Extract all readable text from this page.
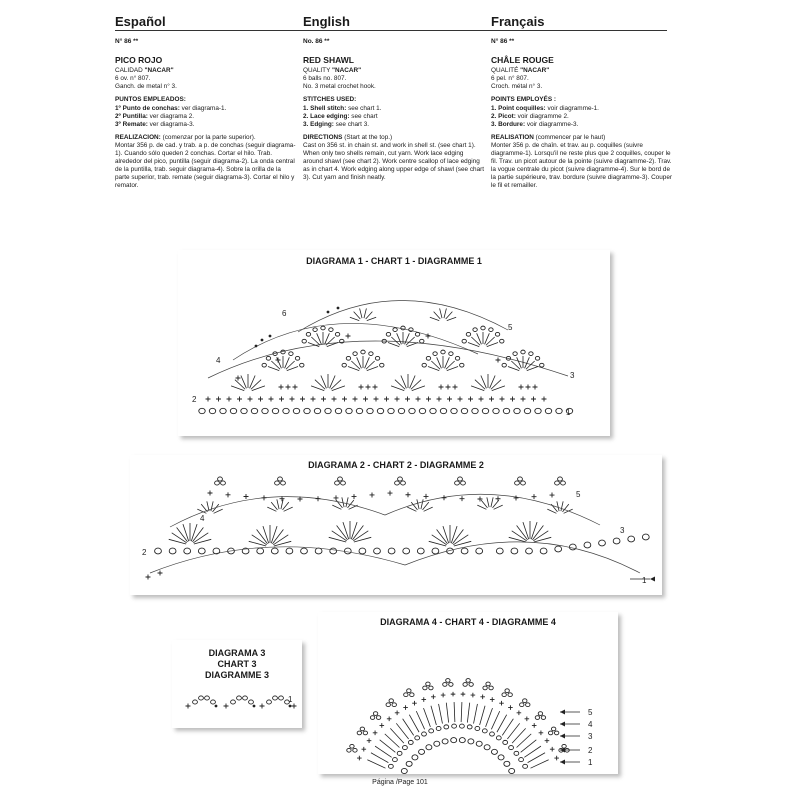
Español	English	Français
N° 86 **
PICO ROJO
CALIDAD "NACAR"
6 ov. n° 807.
Ganch. de metal n° 3.
PUNTOS EMPLEADOS:
1º Punto de conchas: ver diagrama-1.
2º Puntilla: ver diagrama 2.
3º Remate: ver diagrama-3.
REALIZACION: (comenzar por la parte superior).
Montar 356 p. de cad. y trab. a p. de conchas (seguir diagrama-1). Cuando sólo queden 2 conchas. Cortar el hilo. Trab. alrededor del pico, puntilla (seguir diagrama-2). La onda central de la puntilla, trab. seguir diagrama-4). Sobre la orilla de la parte superior, trab. remate (seguir diagrama-3). Cortar el hilo y remator.
No. 86 **
RED SHAWL
QUALITY "NACAR"
6 balls no. 807.
No. 3 metal crochet hook.
STITCHES USED:
1. Shell stitch: see chart 1.
2. Lace edging: see chart
3. Edging: see chart 3.
DIRECTIONS (Start at the top.)
Cast on 356 st. in chain st. and work in shell st. (see chart 1). When only two shells remain, cut yarn. Work lace edging around shawl (see chart 2). Work centre scallop of lace edging as in chart 4. Work edging along upper edge of shawl (see chart 3). Cut yarn and finish neatly.
N° 86 **
CHÂLE ROUGE
QUALITÉ "NACAR"
6 pel. n° 807.
Croch. métal n° 3.
POINTS EMPLOYÉS :
1. Point coquilles: voir diagramme-1.
2. Picot: voir diagramme 2.
3. Bordure: voir diagramme-3.
REALISATION (commencer par le haut)
Monter 356 p. de chaîn. et trav. au p. coquilles (suivre diagramme-1). Lorsqu'il ne reste plus que 2 coquilles, couper le fil. Trav. un picot autour de la pointe (suivre diagramme-2). Trav. la vogue centrale du picot (suivre diagramme-4). Sur le bord de la partie supérieure, trav. bordure (suivre diagramme-3). Couper le fil et remailler.
DIAGRAMA 1 - CHART 1 - DIAGRAMME 1
1
2
3
4
5
6
DIAGRAMA 2 - CHART 2 - DIAGRAMME 2
2
1
4
3
5
DIAGRAMA 3
CHART 3
DIAGRAMME 3
1
DIAGRAMA 4 - CHART 4 - DIAGRAMME 4
1
2
3
4
5
Página /Page 101
